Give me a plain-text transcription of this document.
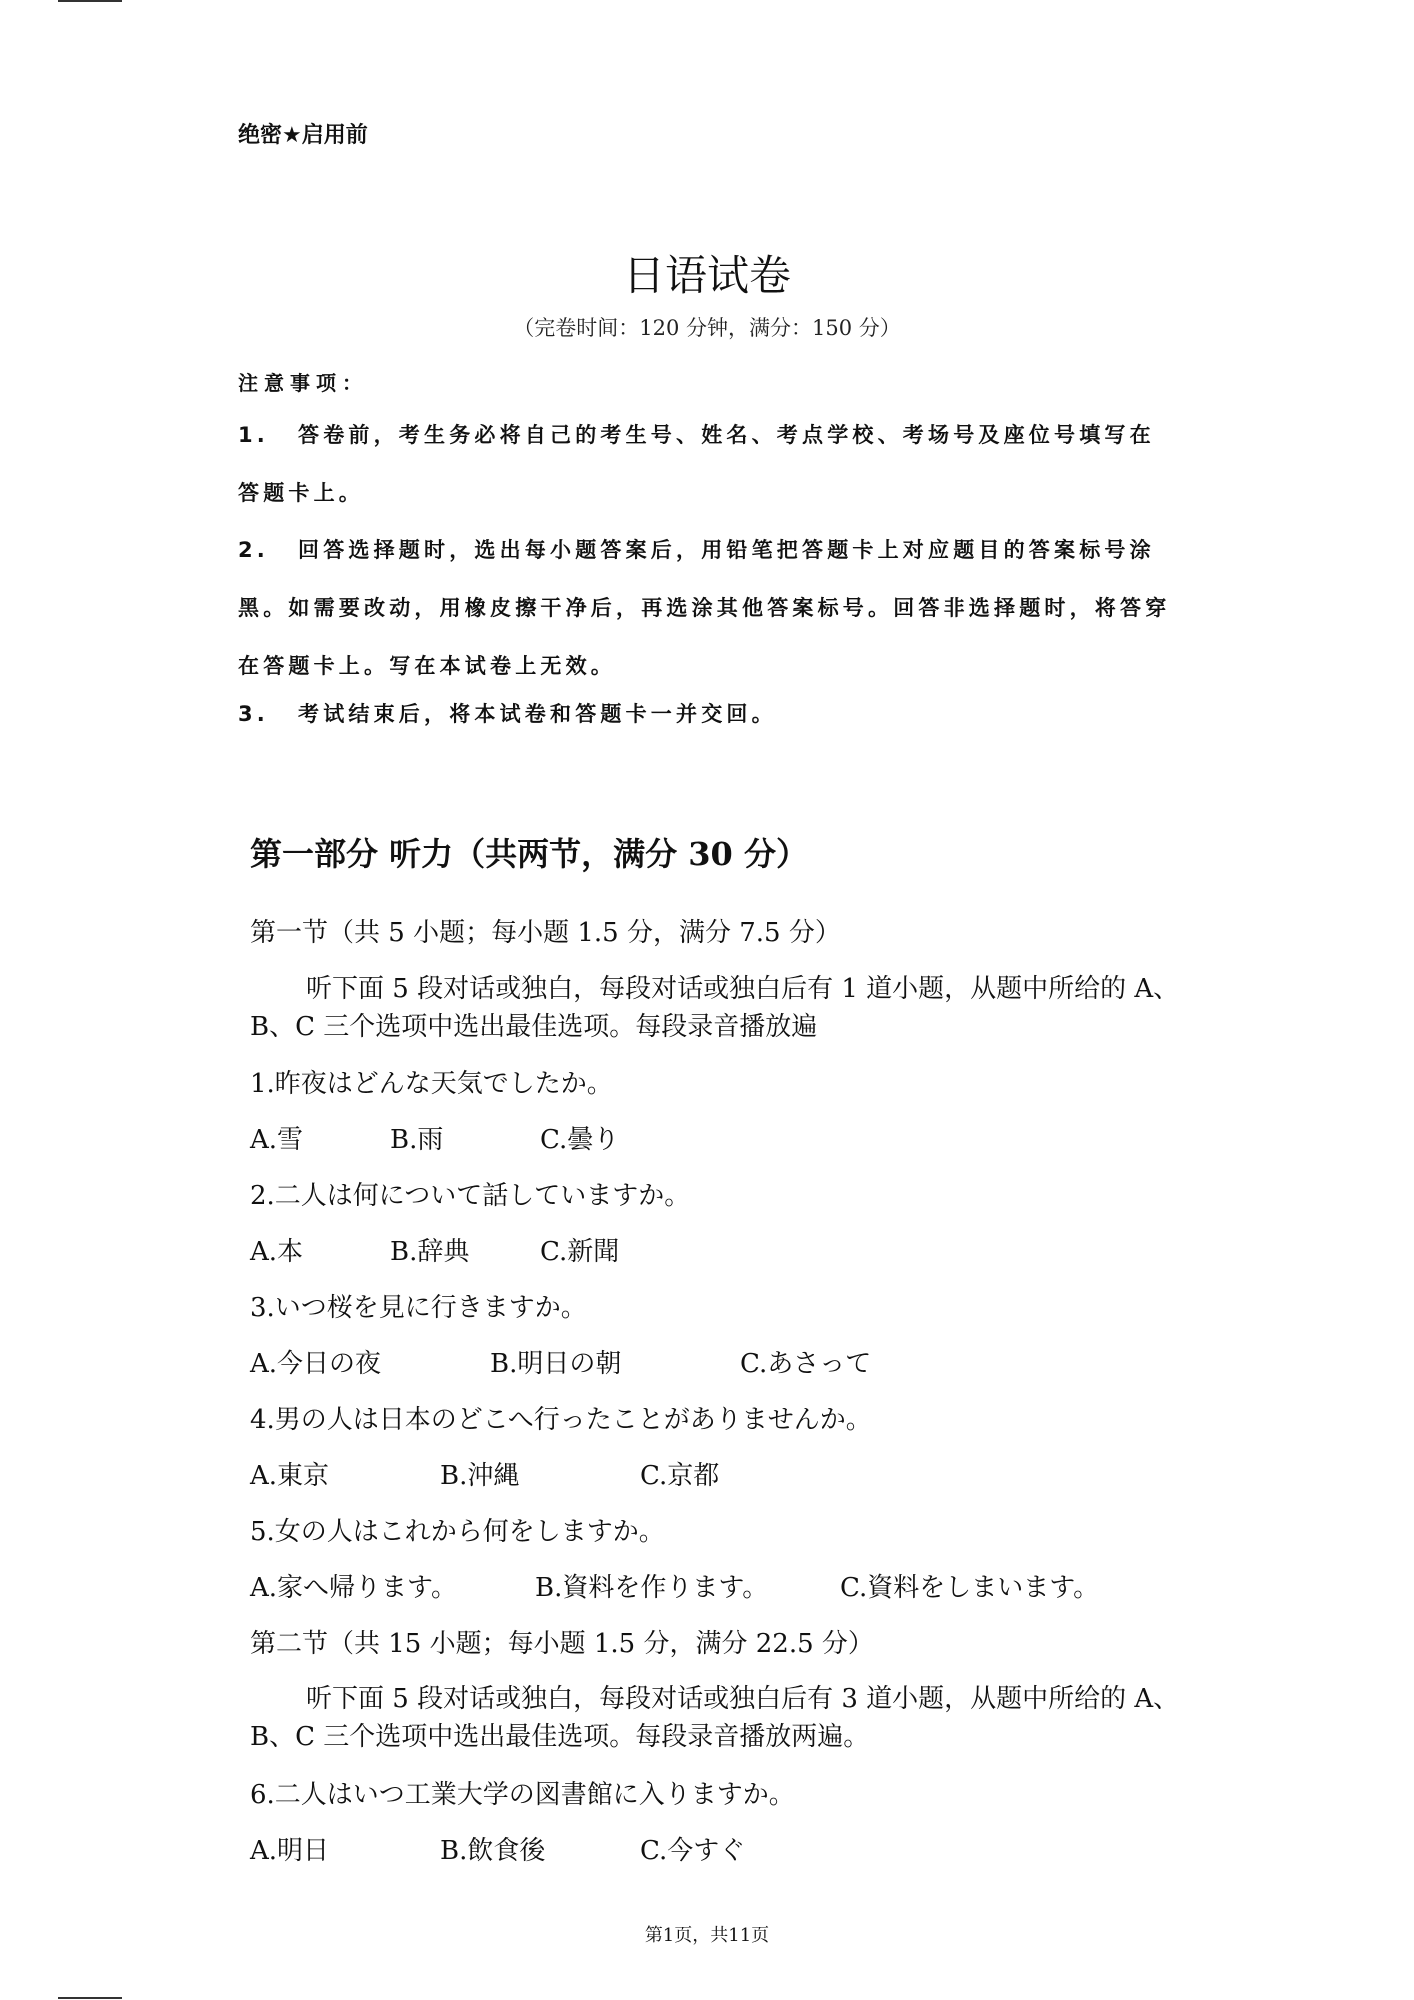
绝密★启用前
日语试卷
（完卷时间：120 分钟，满分：150 分）
注意事项：
1. 答卷前，考生务必将自己的考生号、姓名、考点学校、考场号及座位号填写在答题卡上。
2. 回答选择题时，选出每小题答案后，用铅笔把答题卡上对应题目的答案标号涂黑。如需要改动，用橡皮擦干净后，再选涂其他答案标号。回答非选择题时，将答穿在答题卡上。写在本试卷上无效。
3. 考试结束后，将本试卷和答题卡一并交回。
第一部分 听力（共两节，满分 30 分）
第一节（共 5 小题；每小题 1.5 分，满分 7.5 分）
听下面 5 段对话或独白，每段对话或独白后有 1 道小题，从题中所给的 A、B、C 三个选项中选出最佳选项。每段录音播放遍
1.昨夜はどんな天気でしたか。
A.雪	B.雨	C.曇り
2.二人は何について話していますか。
A.本	B.辞典	C.新聞
3.いつ桜を見に行きますか。
A.今日の夜	B.明日の朝	C.あさって
4.男の人は日本のどこへ行ったことがありませんか。
A.東京	B.沖縄	C.京都
5.女の人はこれから何をしますか。
A.家へ帰ります。	B.資料を作ります。	C.資料をしまいます。
第二节（共 15 小题；每小题 1.5 分，满分 22.5 分）
听下面 5 段对话或独白，每段对话或独白后有 3 道小题，从题中所给的 A、B、C 三个选项中选出最佳选项。每段录音播放两遍。
6.二人はいつ工業大学の図書館に入りますか。
A.明日	B.飲食後	C.今すぐ
第1页，共11页
